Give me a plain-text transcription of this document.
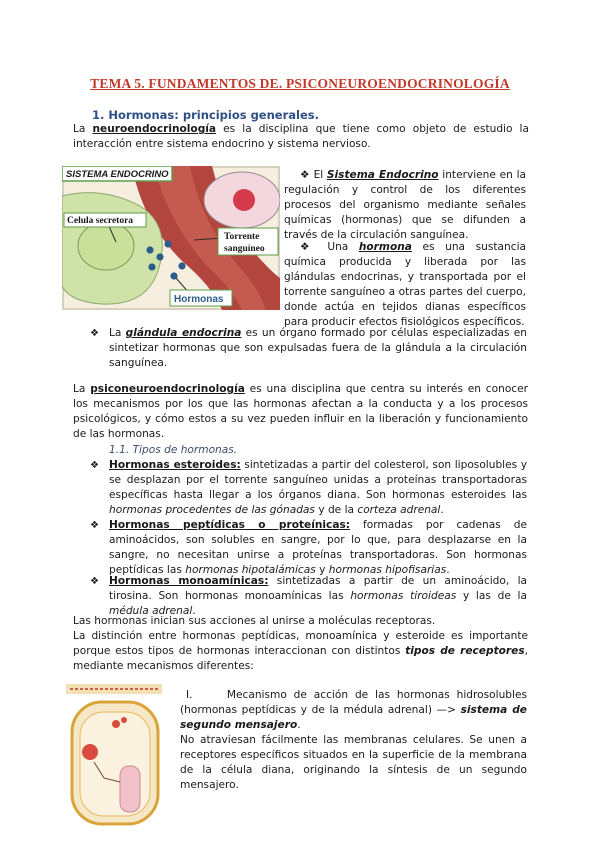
TEMA 5. FUNDAMENTOS DE. PSICONEUROENDOCRINOLOGÍA
1. Hormonas: principios generales.
La neuroendocrinología es la disciplina que tiene como objeto de estudio la interacción entre sistema endocrino y sistema nervioso.
SISTEMA ENDOCRINO
Celula secretora
Torrente
sanguíneo
Hormonas
❖ El Sistema Endocrino interviene en la regulación y control de los diferentes procesos del organismo mediante señales químicas (hormonas) que se difunden a través de la circulación sanguínea.
❖ Una hormona es una sustancia química producida y liberada por las glándulas endocrinas, y transportada por el torrente sanguíneo a otras partes del cuerpo, donde actúa en tejidos dianas específicos para producir efectos fisiológicos específicos.
❖ La glándula endocrina es un órgano formado por células especializadas en sintetizar hormonas que son expulsadas fuera de la glándula a la circulación sanguínea.
La psiconeuroendocrinología es una disciplina que centra su interés en conocer los mecanismos por los que las hormonas afectan a la conducta y a los procesos psicológicos, y cómo estos a su vez pueden influir en la liberación y funcionamiento de las hormonas.
1.1. Tipos de hormonas.
❖ Hormonas esteroides: sintetizadas a partir del colesterol, son liposolubles y se desplazan por el torrente sanguíneo unidas a proteínas transportadoras específicas hasta llegar a los órganos diana. Son hormonas esteroides las hormonas procedentes de las gónadas y de la corteza adrenal.
❖ Hormonas peptídicas o proteínicas: formadas por cadenas de aminoácidos, son solubles en sangre, por lo que, para desplazarse en la sangre, no necesitan unirse a proteínas transportadoras. Son hormonas peptídicas las hormonas hipotalámicas y hormonas hipofisarias.
❖ Hormonas monoamínicas: sintetizadas a partir de un aminoácido, la tirosina. Son hormonas monoamínicas las hormonas tiroideas y las de la médula adrenal.
Las hormonas inician sus acciones al unirse a moléculas receptoras.
La distinción entre hormonas peptídicas, monoamínica y esteroide es importante porque estos tipos de hormonas interaccionan con distintos tipos de receptores, mediante mecanismos diferentes:
I.	Mecanismo de acción de las hormonas hidrosolubles (hormonas peptídicas y de la médula adrenal) —> sistema de segundo mensajero.
No atraviesan fácilmente las membranas celulares. Se unen a receptores específicos situados en la superficie de la membrana de la célula diana, originando la síntesis de un segundo mensajero.
